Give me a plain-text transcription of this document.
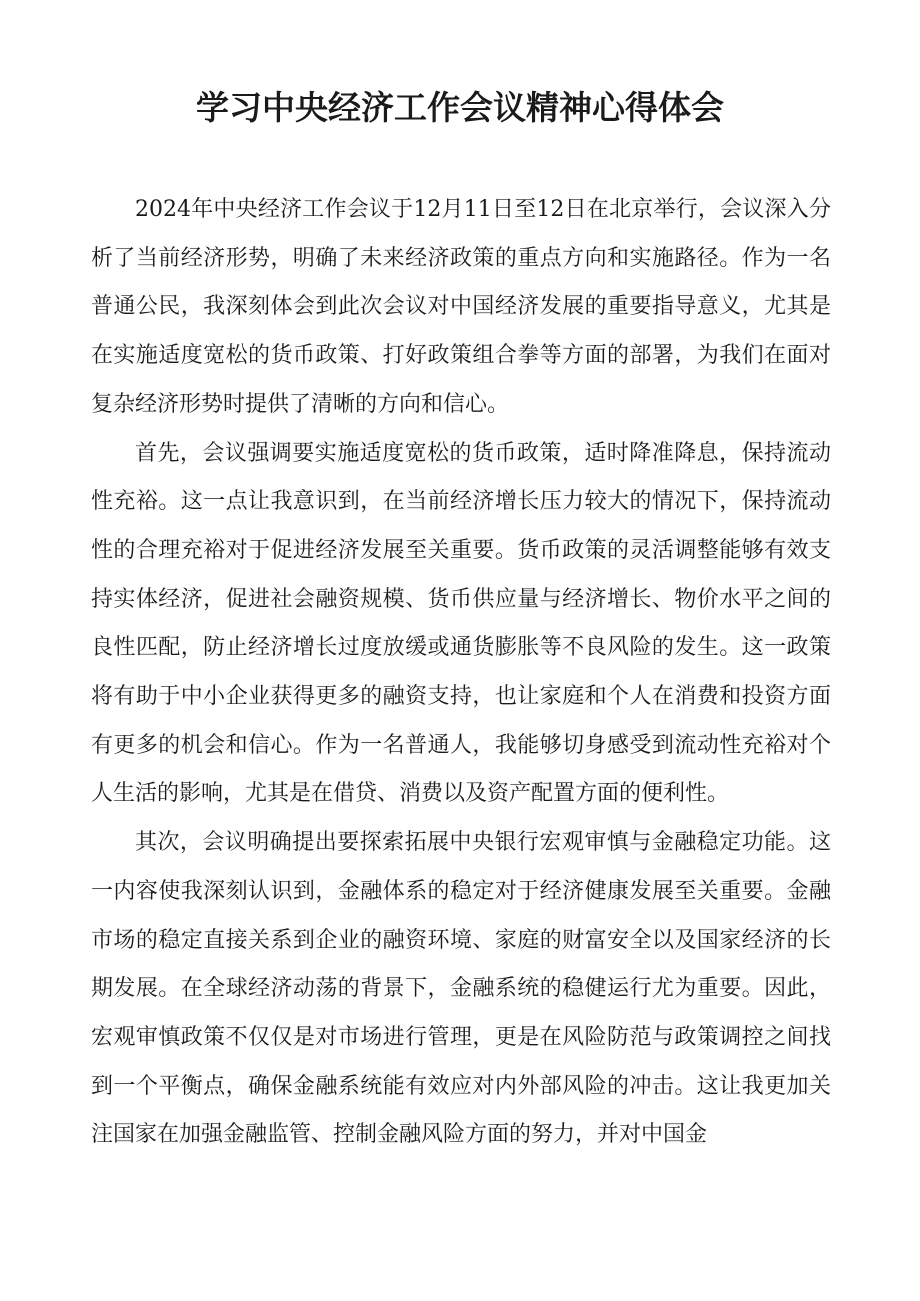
学习中央经济工作会议精神心得体会

2024年中央经济工作会议于12月11日至12日在北京举行，会议深入分析了当前经济形势，明确了未来经济政策的重点方向和实施路径。作为一名普通公民，我深刻体会到此次会议对中国经济发展的重要指导意义，尤其是在实施适度宽松的货币政策、打好政策组合拳等方面的部署，为我们在面对复杂经济形势时提供了清晰的方向和信心。

首先，会议强调要实施适度宽松的货币政策，适时降准降息，保持流动性充裕。这一点让我意识到，在当前经济增长压力较大的情况下，保持流动性的合理充裕对于促进经济发展至关重要。货币政策的灵活调整能够有效支持实体经济，促进社会融资规模、货币供应量与经济增长、物价水平之间的良性匹配，防止经济增长过度放缓或通货膨胀等不良风险的发生。这一政策将有助于中小企业获得更多的融资支持，也让家庭和个人在消费和投资方面有更多的机会和信心。作为一名普通人，我能够切身感受到流动性充裕对个人生活的影响，尤其是在借贷、消费以及资产配置方面的便利性。

其次，会议明确提出要探索拓展中央银行宏观审慎与金融稳定功能。这一内容使我深刻认识到，金融体系的稳定对于经济健康发展至关重要。金融市场的稳定直接关系到企业的融资环境、家庭的财富安全以及国家经济的长期发展。在全球经济动荡的背景下，金融系统的稳健运行尤为重要。因此，宏观审慎政策不仅仅是对市场进行管理，更是在风险防范与政策调控之间找到一个平衡点，确保金融系统能有效应对内外部风险的冲击。这让我更加关注国家在加强金融监管、控制金融风险方面的努力，并对中国金
